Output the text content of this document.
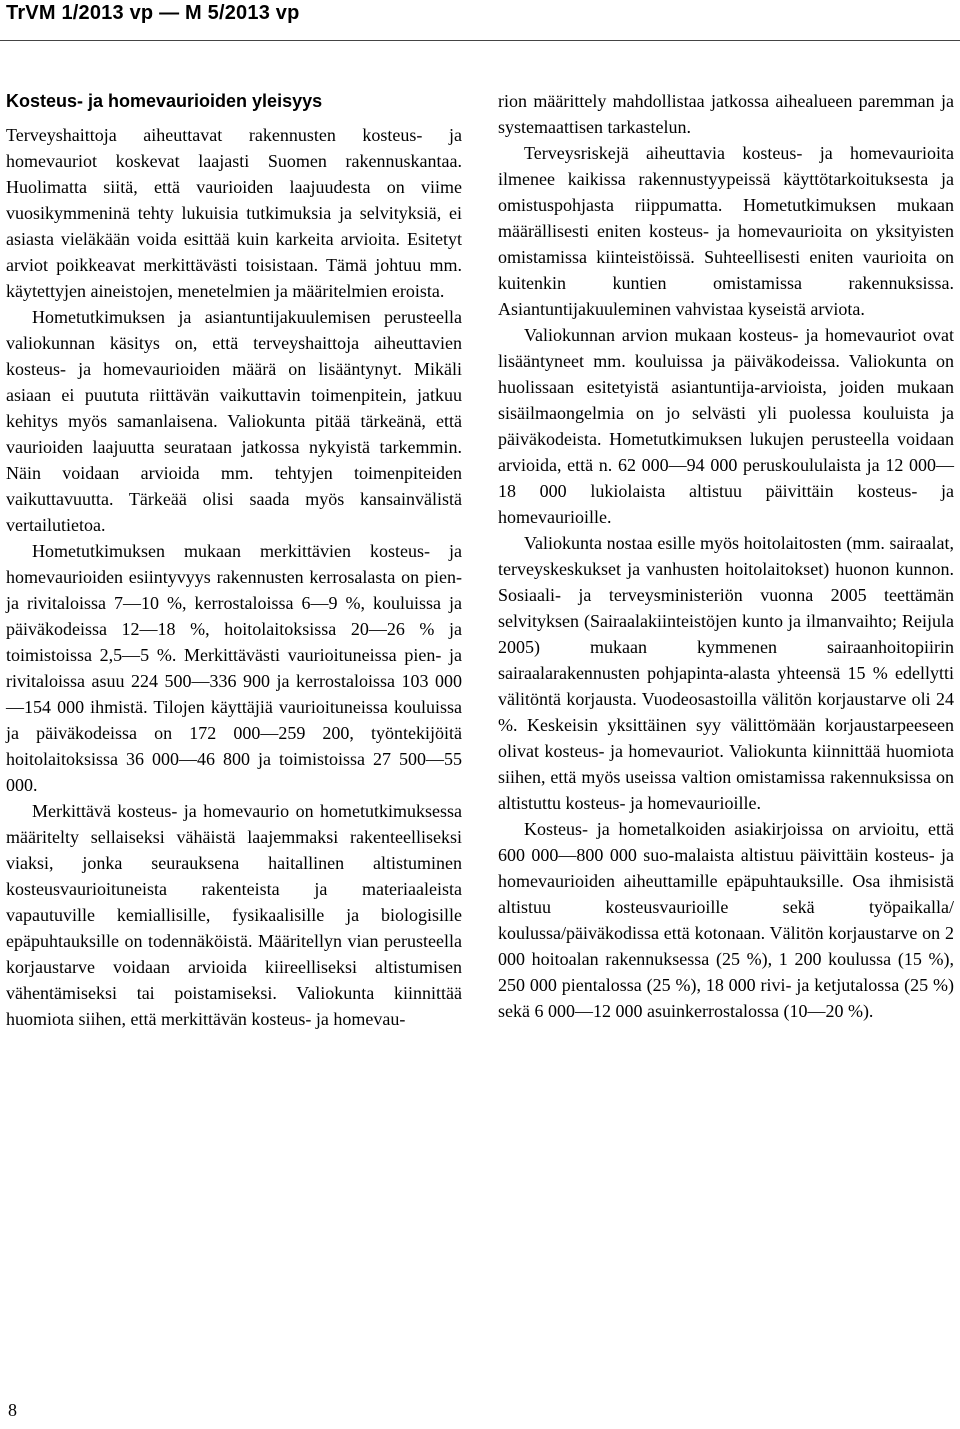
TrVM 1/2013 vp — M 5/2013 vp
Kosteus- ja homevaurioiden yleisyys

Terveyshaittoja aiheuttavat rakennusten kosteus- ja homevauriot koskevat laajasti Suomen rakennuskantaa. Huolimatta siitä, että vaurioiden laajuudesta on viime vuosikymmeninä tehty lukuisia tutkimuksia ja selvityksiä, ei asiasta vieläkään voida esittää kuin karkeita arvioita. Esitetyt arviot poikkeavat merkittävästi toisistaan. Tämä johtuu mm. käytettyjen aineistojen, menetelmien ja määritelmien eroista.

Hometutkimuksen ja asiantuntijakuulemisen perusteella valiokunnan käsitys on, että terveyshaittoja aiheuttavien kosteus- ja homevaurioiden määrä on lisääntynyt. Mikäli asiaan ei puututa riittävän vaikuttavin toimenpitein, jatkuu kehitys myös samanlaisena. Valiokunta pitää tärkeänä, että vaurioiden laajuutta seurataan jatkossa nykyistä tarkemmin. Näin voidaan arvioida mm. tehtyjen toimenpiteiden vaikuttavuutta. Tärkeää olisi saada myös kansainvälistä vertailutietoa.

Hometutkimuksen mukaan merkittävien kosteus- ja homevaurioiden esiintyvyys rakennusten kerrosalasta on pien- ja rivitaloissa 7—10 %, kerrostaloissa 6—9 %, kouluissa ja päiväkodeissa 12—18 %, hoitolaitoksissa 20—26 % ja toimistoissa 2,5—5 %. Merkittävästi vaurioituneissa pien- ja rivitaloissa asuu 224 500—336 900 ja kerrostaloissa 103 000—154 000 ihmistä. Tilojen käyttäjiä vaurioituneissa kouluissa ja päiväkodeissa on 172 000—259 200, työntekijöitä hoitolaitoksissa 36 000—46 800 ja toimistoissa 27 500—55 000.

Merkittävä kosteus- ja homevaurio on hometutkimuksessa määritelty sellaiseksi vähäistä laajemmaksi rakenteelliseksi viaksi, jonka seurauksena haitallinen altistuminen kosteusvaurioituneista rakenteista ja materiaaleista vapautuville kemiallisille, fysikaalisille ja biologisille epäpuhtauksille on todennäköistä. Määritellyn vian perusteella korjaustarve voidaan arvioida kiireelliseksi altistumisen vähentämiseksi tai poistamiseksi. Valiokunta kiinnittää huomiota siihen, että merkittävän kosteus- ja homevau-

rion määrittely mahdollistaa jatkossa aihealueen paremman ja systemaattisen tarkastelun.

Terveysriskejä aiheuttavia kosteus- ja homevaurioita ilmenee kaikissa rakennustyypeissä käyttötarkoituksesta ja omistuspohjasta riippumatta. Hometutkimuksen mukaan määrällisesti eniten kosteus- ja homevaurioita on yksityisten omistamissa kiinteistöissä. Suhteellisesti eniten vaurioita on kuitenkin kuntien omistamissa rakennuksissa. Asiantuntijakuuleminen vahvistaa kyseistä arviota.

Valiokunnan arvion mukaan kosteus- ja homevauriot ovat lisääntyneet mm. kouluissa ja päiväkodeissa. Valiokunta on huolissaan esitetyistä asiantuntija-arvioista, joiden mukaan sisäilmaongelmia on jo selvästi yli puolessa kouluista ja päiväkodeista. Hometutkimuksen lukujen perusteella voidaan arvioida, että n. 62 000—94 000 peruskoululaista ja 12 000—18 000 lukiolaista altistuu päivittäin kosteus- ja homevaurioille.

Valiokunta nostaa esille myös hoitolaitosten (mm. sairaalat, terveyskeskukset ja vanhusten hoitolaitokset) huonon kunnon. Sosiaali- ja terveysministeriön vuonna 2005 teettämän selvityksen (Sairaalakiinteistöjen kunto ja ilmanvaihto; Reijula 2005) mukaan kymmenen sairaanhoitopiirin sairaalarakennusten pohjapinta-alasta yhteensä 15 % edellytti välitöntä korjausta. Vuodeosastoilla välitön korjaustarve oli 24 %. Keskeisin yksittäinen syy välittömään korjaustarpeeseen olivat kosteus- ja homevauriot. Valiokunta kiinnittää huomiota siihen, että myös useissa valtion omistamissa rakennuksissa on altistuttu kosteus- ja homevaurioille.

Kosteus- ja hometalkoiden asiakirjoissa on arvioitu, että 600 000—800 000 suo-malaista altistuu päivittäin kosteus- ja homevaurioiden aiheuttamille epäpuhtauksille. Osa ihmisistä altistuu kosteusvaurioille sekä työpaikalla/ koulussa/päiväkodissa että kotonaan. Välitön korjaustarve on 2 000 hoitoalan rakennuksessa (25 %), 1 200 koulussa (15 %), 250 000 pientalossa (25 %), 18 000 rivi- ja ketjutalossa (25 %) sekä 6 000—12 000 asuinkerrostalossa (10—20 %).

8
